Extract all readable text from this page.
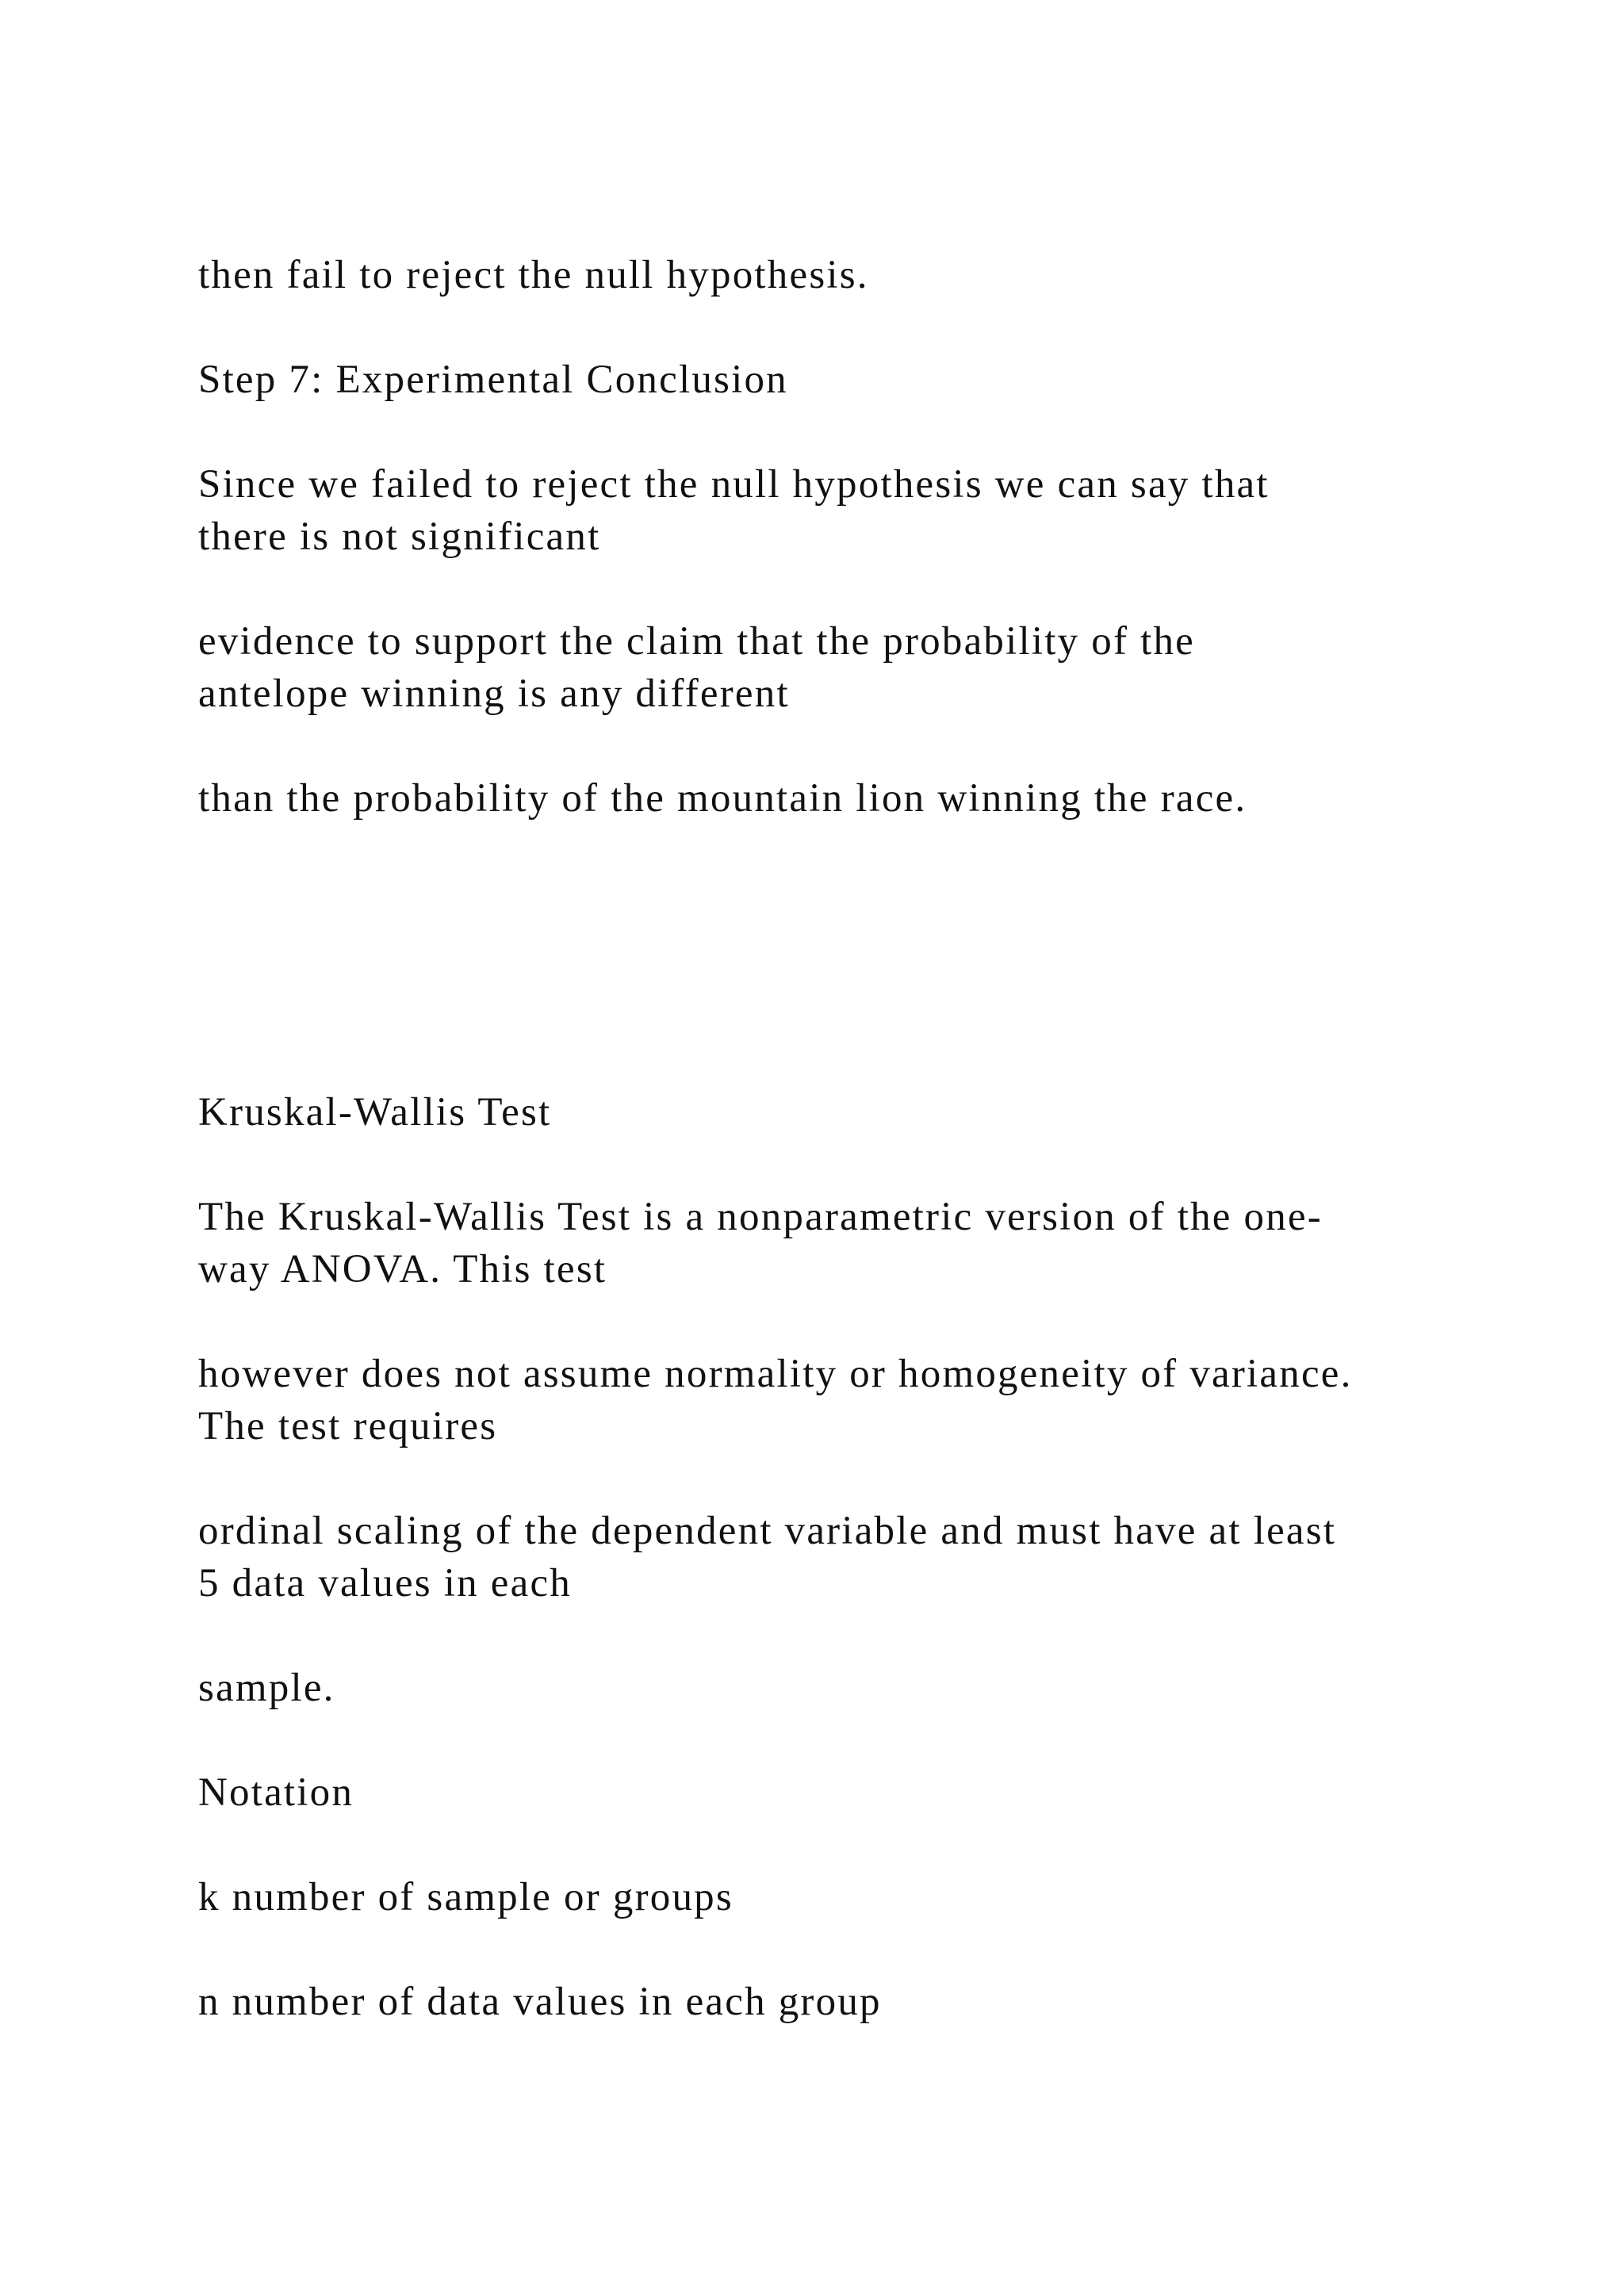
then fail to reject the null hypothesis.

Step 7: Experimental Conclusion

Since we failed to reject the null hypothesis we can say that
there is not significant

evidence to support the claim that the probability of the
antelope winning is any different

than the probability of the mountain lion winning the race.

Kruskal-Wallis Test

The Kruskal-Wallis Test is a nonparametric version of the one-
way ANOVA. This test

however does not assume normality or homogeneity of variance.
The test requires

ordinal scaling of the dependent variable and must have at least
5 data values in each

sample.

Notation

k number of sample or groups

n number of data values in each group
